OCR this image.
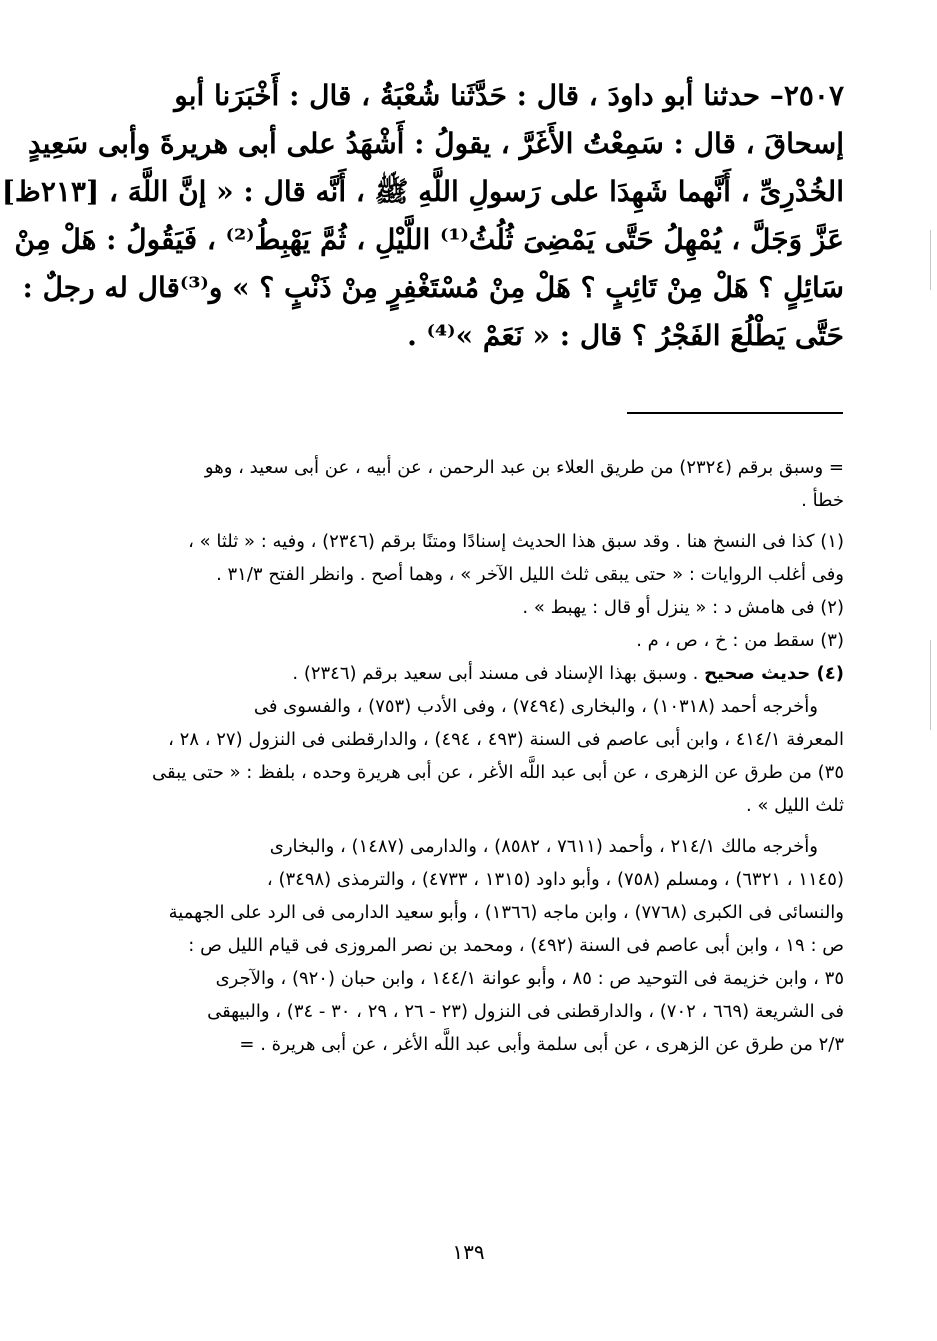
٢٥٠٧– حدثنا أبو داودَ ، قال : حَدَّثَنا شُعْبَةُ ، قال : أَخْبَرَنا أبو
إسحاقَ ، قال : سَمِعْتُ الأَغَرَّ ، يقولُ : أَشْهَدُ على أبى هريرةَ وأبى سَعِيدٍ
الخُدْرِىِّ ، أَنَّهما شَهِدَا على رَسولِ اللَّهِ ﷺ ، أَنَّه قال : « إنَّ اللَّهَ ، [٢١٣ظ]
عَزَّ وَجَلَّ ، يُمْهِلُ حَتَّى يَمْضِىَ ثُلُثُ⁽¹⁾ اللَّيْلِ ، ثُمَّ يَهْبِطُ⁽²⁾ ، فَيَقُولُ : هَلْ مِنْ
سَائِلٍ ؟ هَلْ مِنْ تَائِبٍ ؟ هَلْ مِنْ مُسْتَغْفِرٍ مِنْ ذَنْبٍ ؟ » و⁽³⁾قال له رجلٌ :
حَتَّى يَطْلُعَ الفَجْرُ ؟ قال : « نَعَمْ »⁽⁴⁾ .
= وسبق برقم (٢٣٢٤) من طريق العلاء بن عبد الرحمن ، عن أبيه ، عن أبى سعيد ، وهو
خطأ .
(١) كذا فى النسخ هنا . وقد سبق هذا الحديث إسنادًا ومتنًا برقم (٢٣٤٦) ، وفيه : « ثلثا » ،
وفى أغلب الروايات : « حتى يبقى ثلث الليل الآخر » ، وهما أصح . وانظر الفتح ٣١/٣ .
(٢) فى هامش د : « ينزل أو قال : يهبط » .
(٣) سقط من : خ ، ص ، م .
(٤) حديث صحيح . وسبق بهذا الإسناد فى مسند أبى سعيد برقم (٢٣٤٦) .
وأخرجه أحمد (١٠٣١٨) ، والبخارى (٧٤٩٤) ، وفى الأدب (٧٥٣) ، والفسوى فى
المعرفة ٤١٤/١ ، وابن أبى عاصم فى السنة (٤٩٣ ، ٤٩٤) ، والدارقطنى فى النزول (٢٧ ، ٢٨ ،
٣٥) من طرق عن الزهرى ، عن أبى عبد اللَّه الأغر ، عن أبى هريرة وحده ، بلفظ : « حتى يبقى
ثلث الليل » .
وأخرجه مالك ٢١٤/١ ، وأحمد (٧٦١١ ، ٨٥٨٢) ، والدارمى (١٤٨٧) ، والبخارى
(١١٤٥ ، ٦٣٢١) ، ومسلم (٧٥٨) ، وأبو داود (١٣١٥ ، ٤٧٣٣) ، والترمذى (٣٤٩٨) ،
والنسائى فى الكبرى (٧٧٦٨) ، وابن ماجه (١٣٦٦) ، وأبو سعيد الدارمى فى الرد على الجهمية
ص : ١٩ ، وابن أبى عاصم فى السنة (٤٩٢) ، ومحمد بن نصر المروزى فى قيام الليل ص :
٣٥ ، وابن خزيمة فى التوحيد ص : ٨٥ ، وأبو عوانة ١٤٤/١ ، وابن حبان (٩٢٠) ، والآجرى
فى الشريعة (٦٦٩ ، ٧٠٢) ، والدارقطنى فى النزول (٢٣ - ٢٦ ، ٢٩ ، ٣٠ - ٣٤) ، والبيهقى
٢/٣ من طرق عن الزهرى ، عن أبى سلمة وأبى عبد اللَّه الأغر ، عن أبى هريرة . =
١٣٩
